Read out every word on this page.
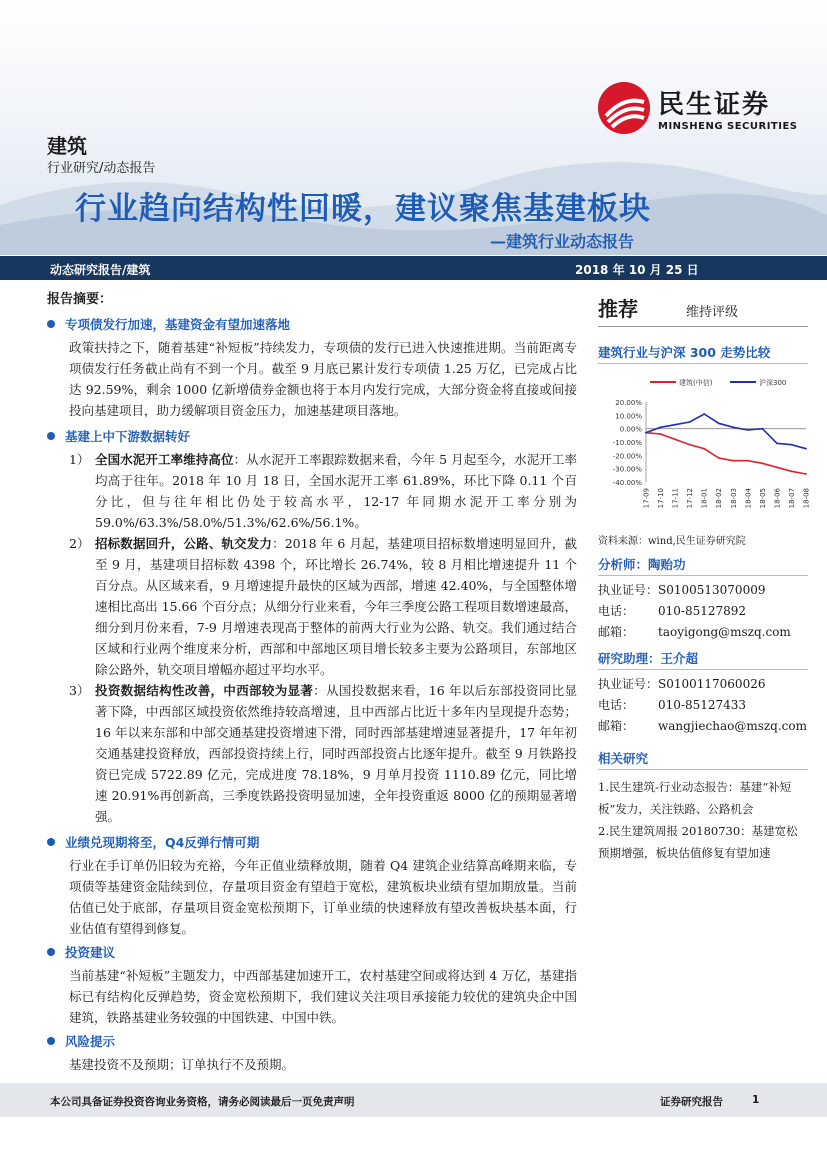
民生证券
MINSHENG SECURITIES
建筑
行业研究/动态报告
行业趋向结构性回暖，建议聚焦基建板块
—建筑行业动态报告
动态研究报告/建筑	2018 年 10 月 25 日
报告摘要：
专项债发行加速，基建资金有望加速落地
政策扶持之下，随着基建“补短板”持续发力，专项债的发行已进入快速推进期。当前距离专项债发行任务截止尚有不到一个月。截至 9 月底已累计发行专项债 1.25 万亿，已完成占比达 92.59%，剩余 1000 亿新增债券金额也将于本月内发行完成，大部分资金将直接或间接投向基建项目，助力缓解项目资金压力，加速基建项目落地。
基建上中下游数据转好
1） 全国水泥开工率维持高位：从水泥开工率跟踪数据来看，今年 5 月起至今，水泥开工率均高于往年。2018 年 10 月 18 日，全国水泥开工率 61.89%，环比下降 0.11 个百分比，但与往年相比仍处于较高水平，12-17 年同期水泥开工率分别为 59.0%/63.3%/58.0%/51.3%/62.6%/56.1%。
2） 招标数据回升，公路、轨交发力：2018 年 6 月起，基建项目招标数增速明显回升，截至 9 月，基建项目招标数 4398 个，环比增长 26.74%，较 8 月相比增速提升 11 个百分点。从区域来看，9 月增速提升最快的区域为西部，增速 42.40%，与全国整体增速相比高出 15.66 个百分点；从细分行业来看，今年三季度公路工程项目数增速最高，细分到月份来看，7-9 月增速表现高于整体的前两大行业为公路、轨交。我们通过结合区域和行业两个维度来分析，西部和中部地区项目增长较多主要为公路项目，东部地区除公路外，轨交项目增幅亦超过平均水平。
3） 投资数据结构性改善，中西部较为显著：从国投数据来看，16 年以后东部投资同比显著下降，中西部区域投资依然维持较高增速，且中西部占比近十多年内呈现提升态势；16 年以来东部和中部交通基建投资增速下滑，同时西部基建增速显著提升，17 年年初交通基建投资释放，西部投资持续上行，同时西部投资占比逐年提升。截至 9 月铁路投资已完成 5722.89 亿元，完成进度 78.18%，9 月单月投资 1110.89 亿元，同比增速 20.91%再创新高，三季度铁路投资明显加速，全年投资重返 8000 亿的预期显著增强。
业绩兑现期将至，Q4反弹行情可期
行业在手订单仍旧较为充裕，今年正值业绩释放期，随着 Q4 建筑企业结算高峰期来临，专项债等基建资金陆续到位，存量项目资金有望趋于宽松，建筑板块业绩有望加期放量。当前估值已处于底部，存量项目资金宽松预期下，订单业绩的快速释放有望改善板块基本面，行业估值有望得到修复。
投资建议
当前基建“补短板”主题发力，中西部基建加速开工，农村基建空间或将达到 4 万亿，基建指标已有结构化反弹趋势，资金宽松预期下，我们建议关注项目承接能力较优的建筑央企中国建筑，铁路基建业务较强的中国铁建、中国中铁。
风险提示
基建投资不及预期；订单执行不及预期。
推荐	维持评级
建筑行业与沪深 300 走势比较
建筑(中信)	沪深300
20.00%
10.00%
0.00%
-10.00%
-20.00%
-30.00%
-40.00%
17-09 17-10 17-11 17-12 18-01 18-02 18-03 18-04 18-05 18-06 18-07 18-08
资料来源：wind,民生证券研究院
分析师：陶贻功
执业证号： S0100513070009
电话：	010-85127892
邮箱：	taoyigong@mszq.com
研究助理：王介超
执业证号： S0100117060026
电话：	010-85127433
邮箱：	wangjiechao@mszq.com
相关研究
1.民生建筑-行业动态报告：基建“补短板”发力，关注铁路、公路机会
2.民生建筑周报 20180730：基建宽松预期增强，板块估值修复有望加速
本公司具备证券投资咨询业务资格，请务必阅读最后一页免责声明	证券研究报告	1
